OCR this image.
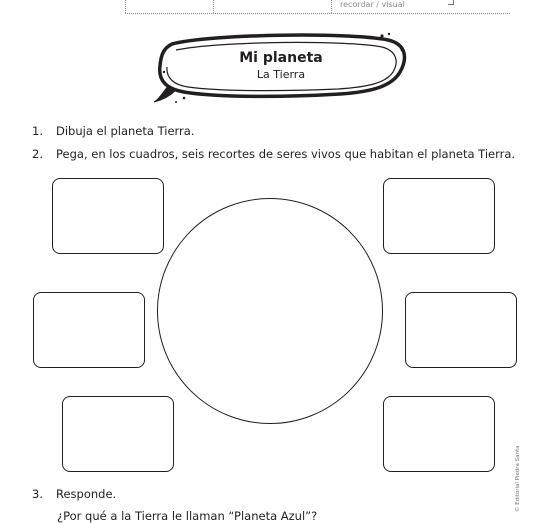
recordar / visual
Mi planeta
La Tierra
1. Dibuja el planeta Tierra.
2. Pega, en los cuadros, seis recortes de seres vivos que habitan el planeta Tierra.
3. Responde.
¿Por qué a la Tierra le llaman “Planeta Azul”?
© Editorial Piedra Santa
